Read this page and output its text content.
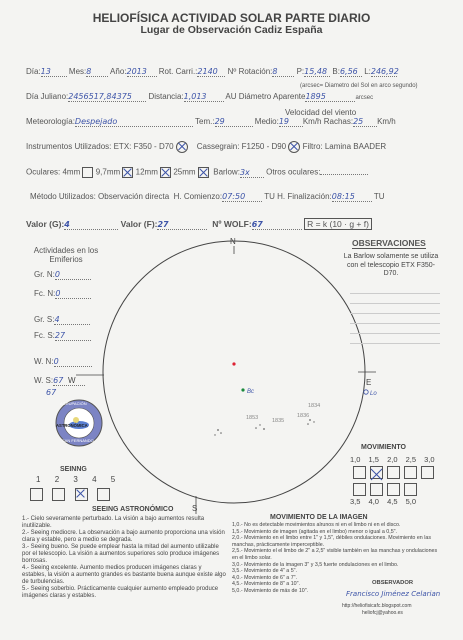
HELIOFÍSICA ACTIVIDAD SOLAR PARTE DIARIO
Lugar de Observación Cadiz España
Día:13 Mes:8 Año:2013 Rot. Carri.:2140 Nº Rotación:8 P:15,48 B:6,56 L:246,92
(arcsec= Diametro del Sol en arco segundo)
Día Juliano:2456517,84375 Distancia:1,013 AU Diámetro Aparente1895	arcsec
Velocidad del viento
Meteorología:Despejado	Tem.:29	Medio:19 Km/h Rachas:25 Km/h
Instrumentos Utilizados: ETX: F350 - D70	Cassegrain: F1250 - D90 Filtro: Lamina BAADER
Oculares: 4mm 9,7mm 12mm 25mm Barlow:3x Otros oculares:
Método Utilizados: Observación directa H. Comienzo:07:50 TU H. Finalización:08:15 TU
Valor (G):4	Valor (F):27	Nº WOLF:67	R = k (10 · g + f)
Actividades en los Emiferios
Gr. N:0
Fc. N:0
Gr. S:4
Fc. S:27
W. N:0
W. S:67
67
AGRUPACIÓN
ASTRONÓMICA
SAN FERNANDO
N
S
E
W
Bc	Lo
1853	1835
1836
1834
OBSERVACIONES
La Barlow solamente se utiliza con el telescopio ETX F350-D70.
SEINNG
1 2 3 4 5

MOVIMIENTO
1,0 1,5 2,0 2,5 3,0
3,5 4,0 4,5 5,0
SEEING ASTRONÓMICO
1.- Cielo severamente perturbado. La visión a bajo aumentos resulta inutilizable.
2.- Seeing mediocre. La observación a bajo aumento proporciona una visión clara y estable, pero a medio se degrada.
3.- Seeing bueno. Se puede emplear hasta la mitad del aumento utilizable por el telescopio. La visión a aumentos superiores solo produce imágenes borrosas.
4.- Seeing excelente. Aumento medios producen imágenes claras y estables, la visión a aumento grandes es bastante buena aunque existe algo de turbulencias.
5.- Seeing soberbio. Prácticamente cualquier aumento empleado produce imágenes claras y estables.
MOVIMIENTO DE LA IMAGEN
1,0.- No es detectable movimientos alrunos ni en el limbo ni en el disco.
1,5.- Movimiento de imagen (agitada en el limbo) menor o igual a 0,5".
2,0.- Movimiento en el limbo entre 1" y 1,5", débiles ondulaciones. Movimiento en las manchas, prácticamente imperceptible.
2,5.- Movimiento el el limbo de 2" a 2,5" visible también en las manchas y ondulaciones en el limbo solar.
3,0.- Movimiento de la imagen 3" y 3,5 fuerte ondulaciones en el limbo.
3,5.- Movimiento de 4" a 5".
4,0.- Movimiento de 6" a 7".
4,5.- Movimiento de 8" a 10".
5,0.- Movimiento de más de 10".
OBSERVADOR
Francisco Jiménez Celarian
http://heliofisicafc.blogspot.com
heliofcj@yahoo.es
